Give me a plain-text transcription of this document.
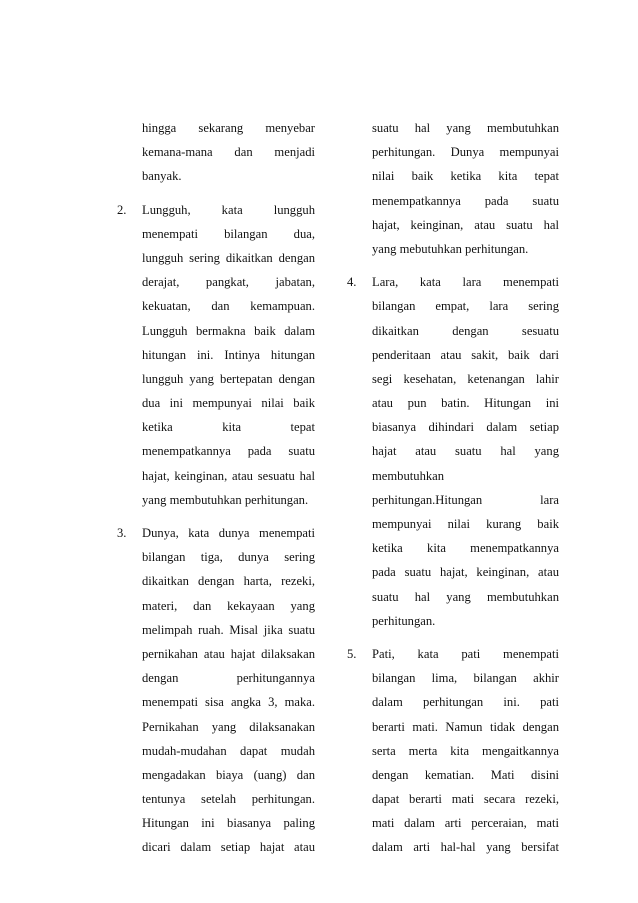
hingga sekarang menyebar
kemana-mana dan menjadi
banyak.
2.	Lungguh, kata lungguh
menempati bilangan dua,
lungguh sering dikaitkan dengan
derajat, pangkat, jabatan,
kekuatan, dan kemampuan.
Lungguh bermakna baik dalam
hitungan ini. Intinya hitungan
lungguh yang bertepatan dengan
dua ini mempunyai nilai baik
ketika kita tepat
menempatkannya pada suatu
hajat, keinginan, atau sesuatu hal
yang membutuhkan perhitungan.
3.	Dunya, kata dunya menempati
bilangan tiga, dunya sering
dikaitkan dengan harta, rezeki,
materi, dan kekayaan yang
melimpah ruah. Misal jika suatu
pernikahan atau hajat dilaksakan
dengan perhitungannya
menempati sisa angka 3, maka.
Pernikahan yang dilaksanakan
mudah-mudahan dapat mudah
mengadakan biaya (uang) dan
tentunya setelah perhitungan.
Hitungan ini biasanya paling
dicari dalam setiap hajat atau
suatu hal yang membutuhkan
perhitungan. Dunya mempunyai
nilai baik ketika kita tepat
menempatkannya pada suatu
hajat, keinginan, atau suatu hal
yang mebutuhkan perhitungan.
4.	Lara, kata lara menempati
bilangan empat, lara sering
dikaitkan dengan sesuatu
penderitaan atau sakit, baik dari
segi kesehatan, ketenangan lahir
atau pun batin. Hitungan ini
biasanya dihindari dalam setiap
hajat atau suatu hal yang
membutuhkan
perhitungan.Hitungan lara
mempunyai nilai kurang baik
ketika kita menempatkannya
pada suatu hajat, keinginan, atau
suatu hal yang membutuhkan
perhitungan.
5.	Pati, kata pati menempati
bilangan lima, bilangan akhir
dalam perhitungan ini. pati
berarti mati. Namun tidak dengan
serta merta kita mengaitkannya
dengan kematian. Mati disini
dapat berarti mati secara rezeki,
mati dalam arti perceraian, mati
dalam arti hal-hal yang bersifat
